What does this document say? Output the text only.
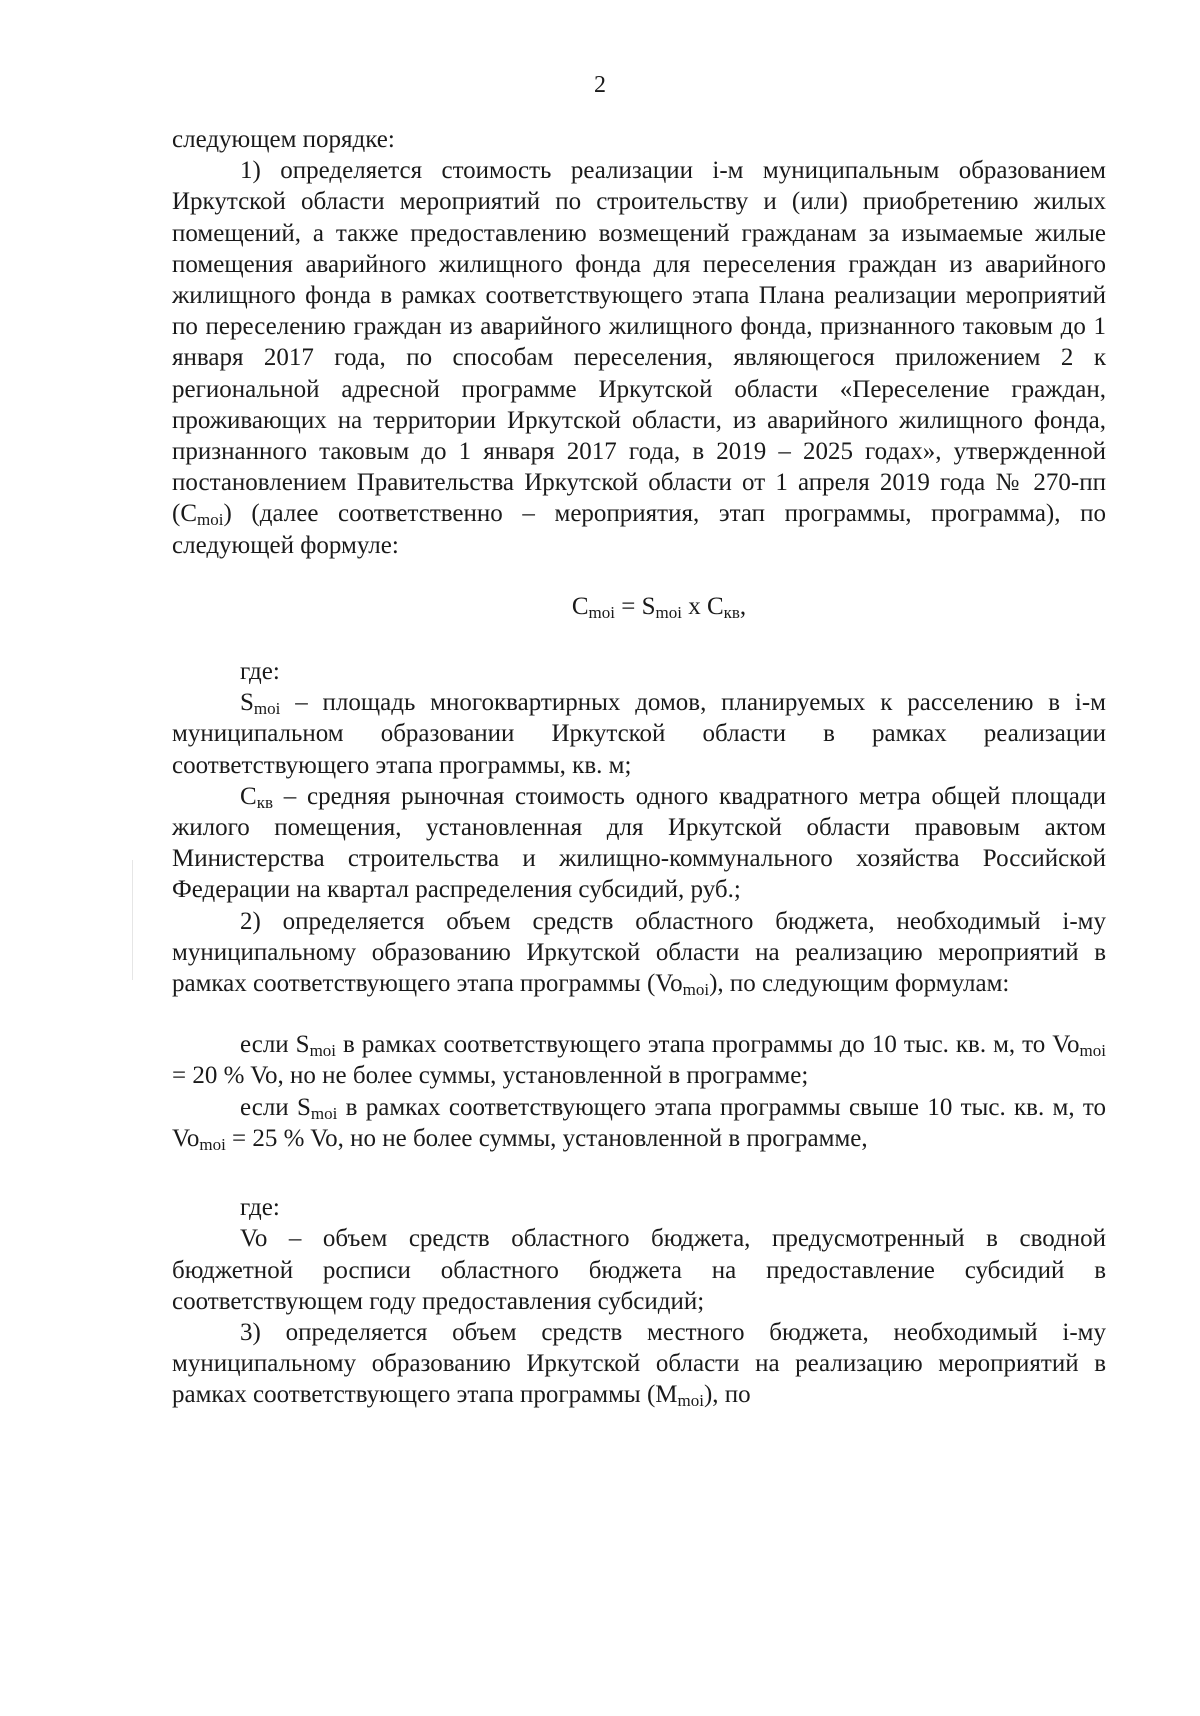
2

следующем порядке:

1) определяется стоимость реализации i-м муниципальным образованием Иркутской области мероприятий по строительству и (или) приобретению жилых помещений, а также предоставлению возмещений гражданам за изымаемые жилые помещения аварийного жилищного фонда для переселения граждан из аварийного жилищного фонда в рамках соответствующего этапа Плана реализации мероприятий по переселению граждан из аварийного жилищного фонда, признанного таковым до 1 января 2017 года, по способам переселения, являющегося приложением 2 к региональной адресной программе Иркутской области «Переселение граждан, проживающих на территории Иркутской области, из аварийного жилищного фонда, признанного таковым до 1 января 2017 года, в 2019 – 2025 годах», утвержденной постановлением Правительства Иркутской области от 1 апреля 2019 года № 270-пп $(C_{moi})$ (далее соответственно – мероприятия, этап программы, программа), по следующей формуле:

$C_{moi} = S_{moi}$ x $C_{кв}$,

где:

$S_{moi}$ – площадь многоквартирных домов, планируемых к расселению в i-м муниципальном образовании Иркутской области в рамках реализации соответствующего этапа программы, кв. м;

$C_{кв}$ – средняя рыночная стоимость одного квадратного метра общей площади жилого помещения, установленная для Иркутской области правовым актом Министерства строительства и жилищно-коммунального хозяйства Российской Федерации на квартал распределения субсидий, руб.;

2) определяется объем средств областного бюджета, необходимый i-му муниципальному образованию Иркутской области на реализацию мероприятий в рамках соответствующего этапа программы $(Vo_{moi})$, по следующим формулам:

если $S_{moi}$ в рамках соответствующего этапа программы до 10 тыс. кв. м, то $Vo_{moi} = 20$ % Vo, но не более суммы, установленной в программе;

если $S_{moi}$ в рамках соответствующего этапа программы свыше 10 тыс. кв. м, то $Vo_{moi} = 25$ % Vo, но не более суммы, установленной в программе,

где:

Vo – объем средств областного бюджета, предусмотренный в сводной бюджетной росписи областного бюджета на предоставление субсидий в соответствующем году предоставления субсидий;

3) определяется объем средств местного бюджета, необходимый i-му муниципальному образованию Иркутской области на реализацию мероприятий в рамках соответствующего этапа программы $(M_{moi})$, по
